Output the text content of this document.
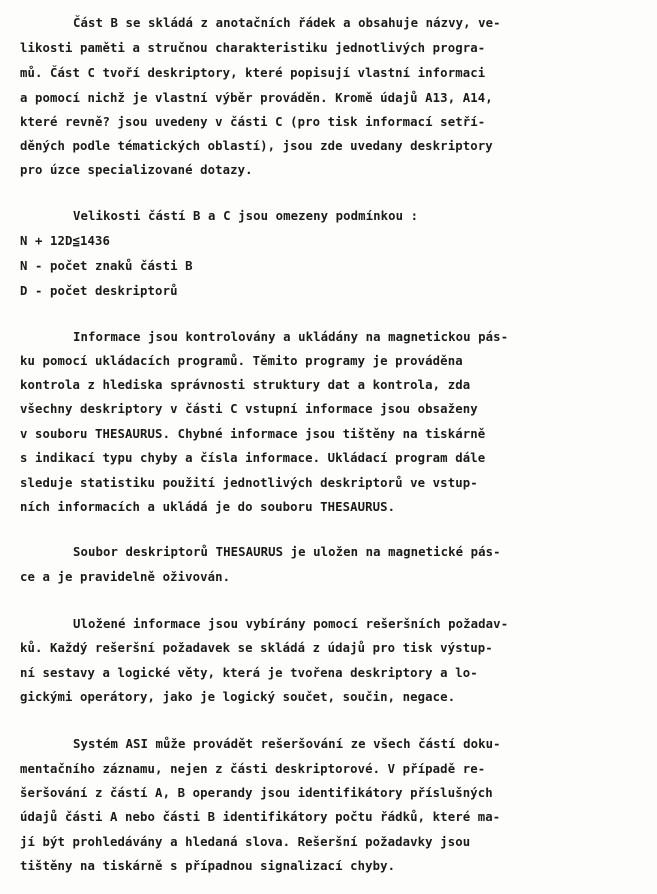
Část B se skládá z anotačních řádek a obsahuje názvy, ve-
likosti paměti a stručnou charakteristiku jednotlivých progra-
mů. Část C tvoří deskriptory, které popisují vlastní informaci
a pomocí nichž je vlastní výběr prováděn. Kromě údajů A13, A14,
které revně? jsou uvedeny v části C (pro tisk informací setří-
děných podle tématických oblastí), jsou zde uvedany deskriptory
pro úzce specializované dotazy.
Velikosti částí B a C jsou omezeny podmínkou :
N + 12D≦1436
N - počet znaků části B
D - počet deskriptorů
Informace jsou kontrolovány a ukládány na magnetickou pás-
ku pomocí ukládacích programů. Těmito programy je prováděna
kontrola z hlediska správnosti struktury dat a kontrola, zda
všechny deskriptory v části C vstupní informace jsou obsaženy
v souboru THESAURUS. Chybné informace jsou tištěny na tiskárně
s indikací typu chyby a čísla informace. Ukládací program dále
sleduje statistiku použití jednotlivých deskriptorů ve vstup-
ních informacích a ukládá je do souboru THESAURUS.
Soubor deskriptorů THESAURUS je uložen na magnetické pás-
ce a je pravidelně oživován.
Uložené informace jsou vybírány pomocí rešeršních požadav-
ků. Každý rešeršní požadavek se skládá z údajů pro tisk výstup-
ní sestavy a logické věty, která je tvořena deskriptory a lo-
gickými operátory, jako je logický součet, součin, negace.
Systém ASI může provádět rešeršování ze všech částí doku-
mentačního záznamu, nejen z části deskriptorové. V případě re-
šeršování z částí A, B operandy jsou identifikátory příslušných
údajů části A nebo části B identifikátory počtu řádků, které ma-
jí být prohledávány a hledaná slova. Rešeršní požadavky jsou
tištěny na tiskárně s případnou signalizací chyby.
